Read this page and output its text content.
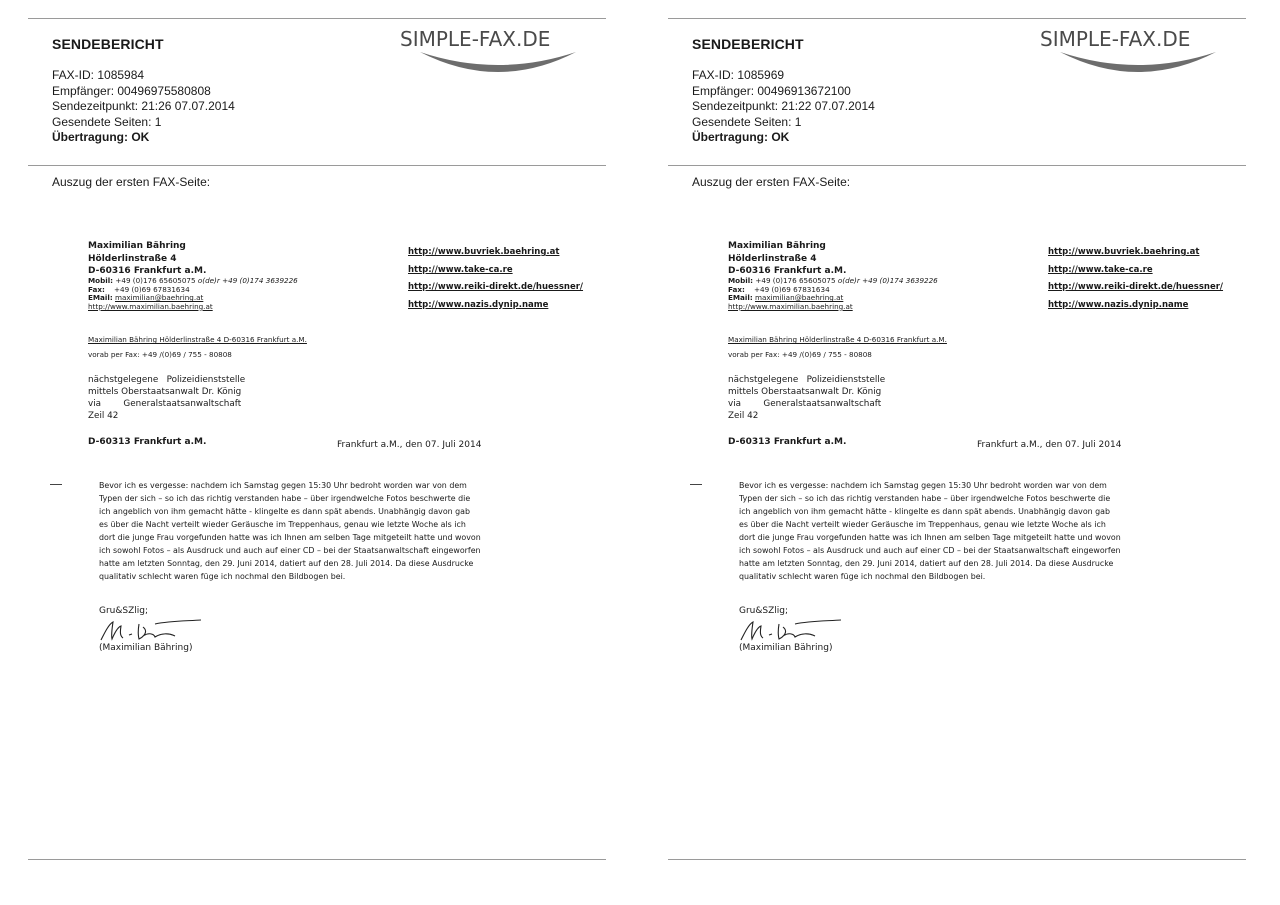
SENDEBERICHT	SIMPLE-FAX.DE
FAX-ID: 1085984
Empfänger: 00496975580808
Sendezeitpunkt: 21:26 07.07.2014
Gesendete Seiten: 1
Übertragung: OK
Auszug der ersten FAX-Seite:
Maximilian Bähring
Hölderlinstraße 4
D-60316 Frankfurt a.M.
Mobil: +49 (0)176 65605075 o(de)r +49 (0)174 3639226
Fax: +49 (0)69 67831634
EMail: maximilian@baehring.at
http://www.maximilian.baehring.at
http://www.buvriek.baehring.at
http://www.take-ca.re
http://www.reiki-direkt.de/huessner/
http://www.nazis.dynip.name
Maximilian Bähring Hölderlinstraße 4 D-60316 Frankfurt a.M.
vorab per Fax: +49 /(0)69 / 755 - 80808
nächstgelegene   Polizeidienststelle
mittels Oberstaatsanwalt Dr. König
via        Generalstaatsanwaltschaft
Zeil 42
D-60313 Frankfurt a.M.	Frankfurt a.M., den 07. Juli 2014
Bevor ich es vergesse: nachdem ich Samstag gegen 15:30 Uhr bedroht worden war von dem
Typen der sich – so ich das richtig verstanden habe – über irgendwelche Fotos beschwerte die
ich angeblich von ihm gemacht hätte - klingelte es dann spät abends. Unabhängig davon gab
es über die Nacht verteilt wieder Geräusche im Treppenhaus, genau wie letzte Woche als ich
dort die junge Frau vorgefunden hatte was ich Ihnen am selben Tage mitgeteilt hatte und wovon
ich sowohl Fotos – als Ausdruck und auch auf einer CD – bei der Staatsanwaltschaft eingeworfen
hatte am letzten Sonntag, den 29. Juni 2014, datiert auf den 28. Juli 2014. Da diese Ausdrucke
qualitativ schlecht waren füge ich nochmal den Bildbogen bei.
Gru&SZlig;
(Maximilian Bähring)
SENDEBERICHT	SIMPLE-FAX.DE
FAX-ID: 1085969
Empfänger: 00496913672100
Sendezeitpunkt: 21:22 07.07.2014
Gesendete Seiten: 1
Übertragung: OK
Auszug der ersten FAX-Seite:
Maximilian Bähring
Hölderlinstraße 4
D-60316 Frankfurt a.M.
Mobil: +49 (0)176 65605075 o(de)r +49 (0)174 3639226
Fax: +49 (0)69 67831634
EMail: maximilian@baehring.at
http://www.maximilian.baehring.at
http://www.buvriek.baehring.at
http://www.take-ca.re
http://www.reiki-direkt.de/huessner/
http://www.nazis.dynip.name
Maximilian Bähring Hölderlinstraße 4 D-60316 Frankfurt a.M.
vorab per Fax: +49 /(0)69 / 755 - 80808
nächstgelegene   Polizeidienststelle
mittels Oberstaatsanwalt Dr. König
via        Generalstaatsanwaltschaft
Zeil 42
D-60313 Frankfurt a.M.	Frankfurt a.M., den 07. Juli 2014
Bevor ich es vergesse: nachdem ich Samstag gegen 15:30 Uhr bedroht worden war von dem
Typen der sich – so ich das richtig verstanden habe – über irgendwelche Fotos beschwerte die
ich angeblich von ihm gemacht hätte - klingelte es dann spät abends. Unabhängig davon gab
es über die Nacht verteilt wieder Geräusche im Treppenhaus, genau wie letzte Woche als ich
dort die junge Frau vorgefunden hatte was ich Ihnen am selben Tage mitgeteilt hatte und wovon
ich sowohl Fotos – als Ausdruck und auch auf einer CD – bei der Staatsanwaltschaft eingeworfen
hatte am letzten Sonntag, den 29. Juni 2014, datiert auf den 28. Juli 2014. Da diese Ausdrucke
qualitativ schlecht waren füge ich nochmal den Bildbogen bei.
Gru&SZlig;
(Maximilian Bähring)
